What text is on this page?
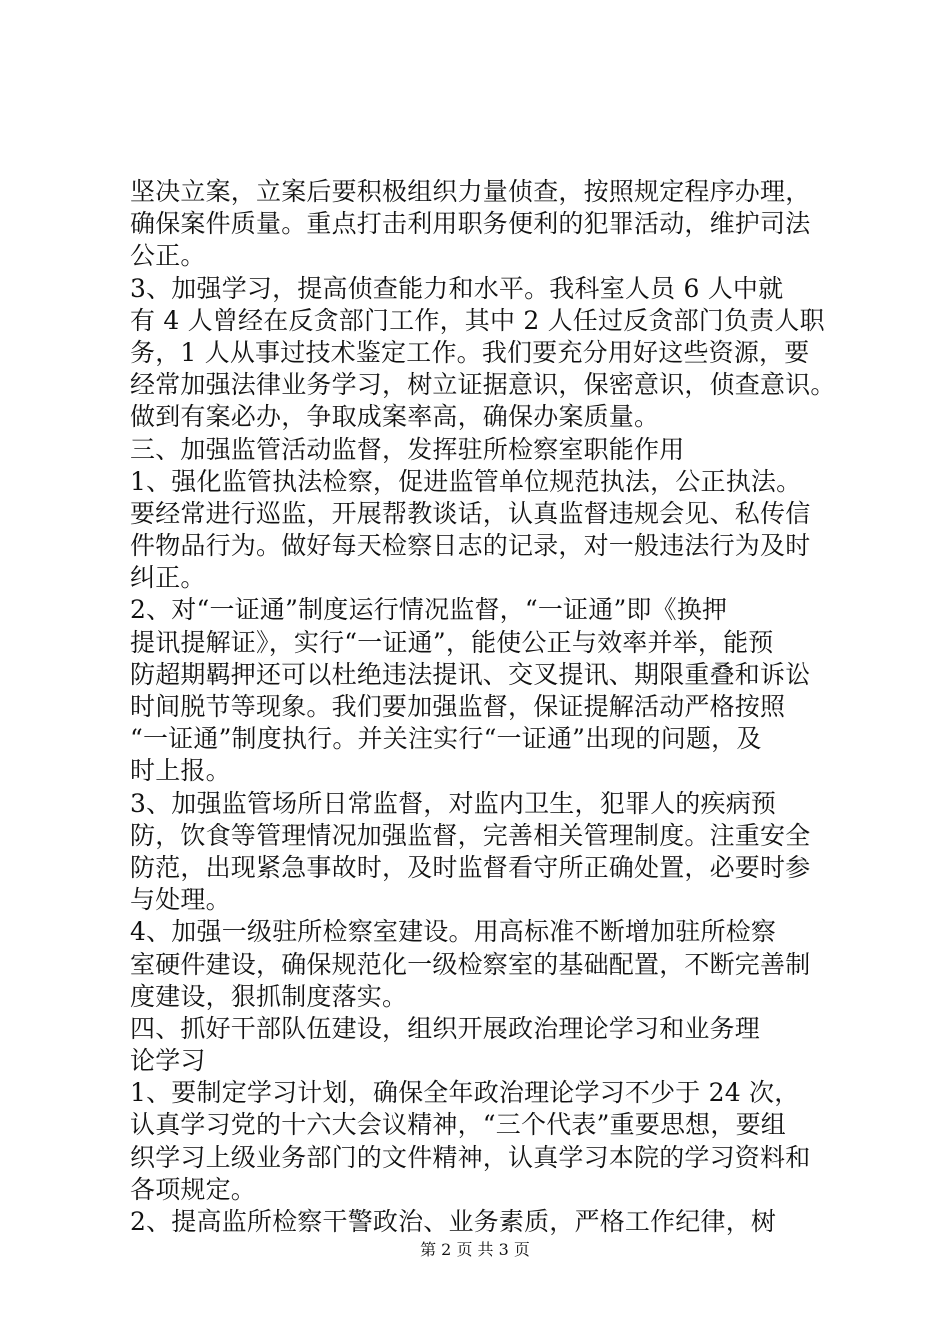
坚决立案，立案后要积极组织力量侦查，按照规定程序办理，
确保案件质量。重点打击利用职务便利的犯罪活动，维护司法
公正。
3、加强学习，提高侦查能力和水平。我科室人员 6 人中就
有 4 人曾经在反贪部门工作，其中 2 人任过反贪部门负责人职
务，1 人从事过技术鉴定工作。我们要充分用好这些资源，要
经常加强法律业务学习，树立证据意识，保密意识，侦查意识。
做到有案必办，争取成案率高，确保办案质量。
三、加强监管活动监督，发挥驻所检察室职能作用
1、强化监管执法检察，促进监管单位规范执法，公正执法。
要经常进行巡监，开展帮教谈话，认真监督违规会见、私传信
件物品行为。做好每天检察日志的记录，对一般违法行为及时
纠正。
2、对“一证通”制度运行情况监督，“一证通”即《换押
提讯提解证》，实行“一证通”，能使公正与效率并举，能预
防超期羁押还可以杜绝违法提讯、交叉提讯、期限重叠和诉讼
时间脱节等现象。我们要加强监督，保证提解活动严格按照
“一证通”制度执行。并关注实行“一证通”出现的问题，及
时上报。
3、加强监管场所日常监督，对监内卫生，犯罪人的疾病预
防，饮食等管理情况加强监督，完善相关管理制度。注重安全
防范，出现紧急事故时，及时监督看守所正确处置，必要时参
与处理。
4、加强一级驻所检察室建设。用高标准不断增加驻所检察
室硬件建设，确保规范化一级检察室的基础配置，不断完善制
度建设，狠抓制度落实。
四、抓好干部队伍建设，组织开展政治理论学习和业务理
论学习
1、要制定学习计划，确保全年政治理论学习不少于 24 次，
认真学习党的十六大会议精神，“三个代表”重要思想，要组
织学习上级业务部门的文件精神，认真学习本院的学习资料和
各项规定。
2、提高监所检察干警政治、业务素质，严格工作纪律，树
第 2 页 共 3 页
